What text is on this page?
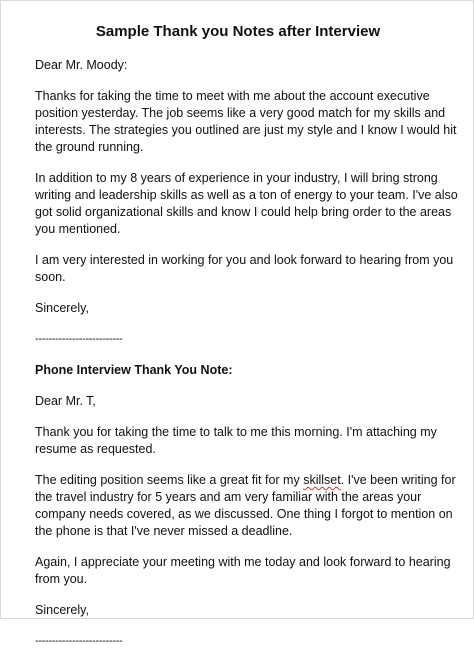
Sample Thank you Notes after Interview

Dear Mr. Moody:

Thanks for taking the time to meet with me about the account executive
position yesterday. The job seems like a very good match for my skills and
interests. The strategies you outlined are just my style and I know I would hit
the ground running.

In addition to my 8 years of experience in your industry, I will bring strong
writing and leadership skills as well as a ton of energy to your team. I've also
got solid organizational skills and know I could help bring order to the areas
you mentioned.

I am very interested in working for you and look forward to hearing from you
soon.

Sincerely,

--------------------------

Phone Interview Thank You Note:

Dear Mr. T,

Thank you for taking the time to talk to me this morning. I'm attaching my
resume as requested.

The editing position seems like a great fit for my skillset. I've been writing for
the travel industry for 5 years and am very familiar with the areas your
company needs covered, as we discussed. One thing I forgot to mention on
the phone is that I've never missed a deadline.

Again, I appreciate your meeting with me today and look forward to hearing
from you.

Sincerely,

--------------------------
